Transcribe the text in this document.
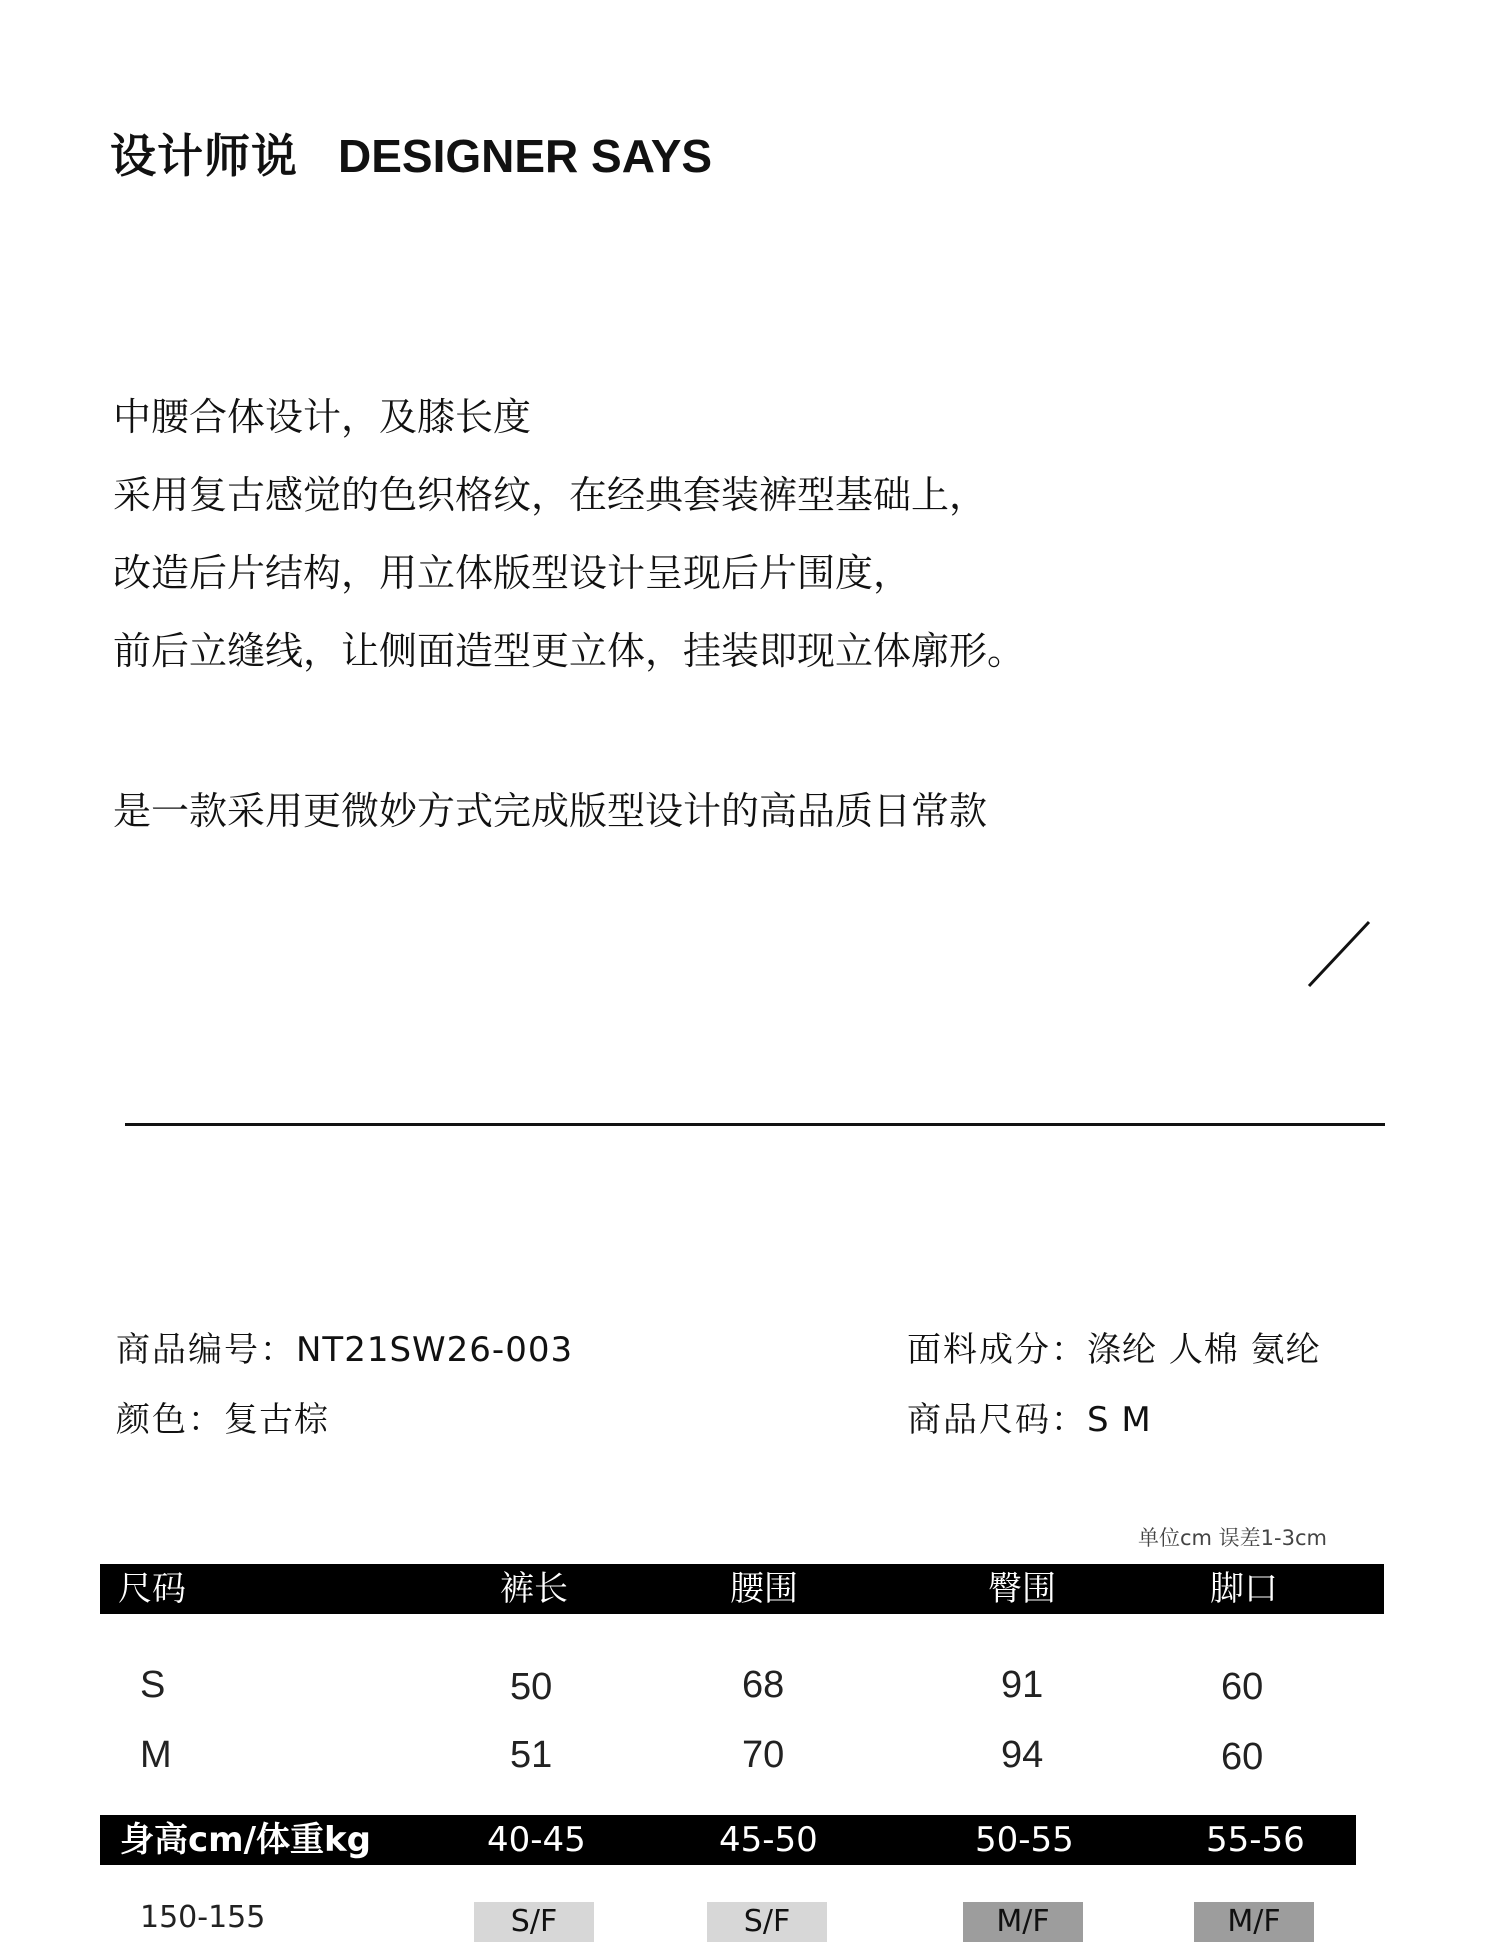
设计师说 DESIGNER SAYS

中腰合体设计，及膝长度

采用复古感觉的色织格纹，在经典套装裤型基础上，

改造后片结构，用立体版型设计呈现后片围度，

前后立缝线，让侧面造型更立体，挂装即现立体廓形。

是一款采用更微妙方式完成版型设计的高品质日常款

商品编号：NT21SW26-003
颜色：复古棕
面料成分：涤纶 人棉 氨纶
商品尺码：S M
单位cm 误差1-3cm
尺码	裤长	腰围	臀围	脚口
S	50	68	91	60
M	51	70	94	60
身高cm/体重kg	40-45	45-50	50-55	55-56
150-155	S/F	S/F	M/F	M/F
